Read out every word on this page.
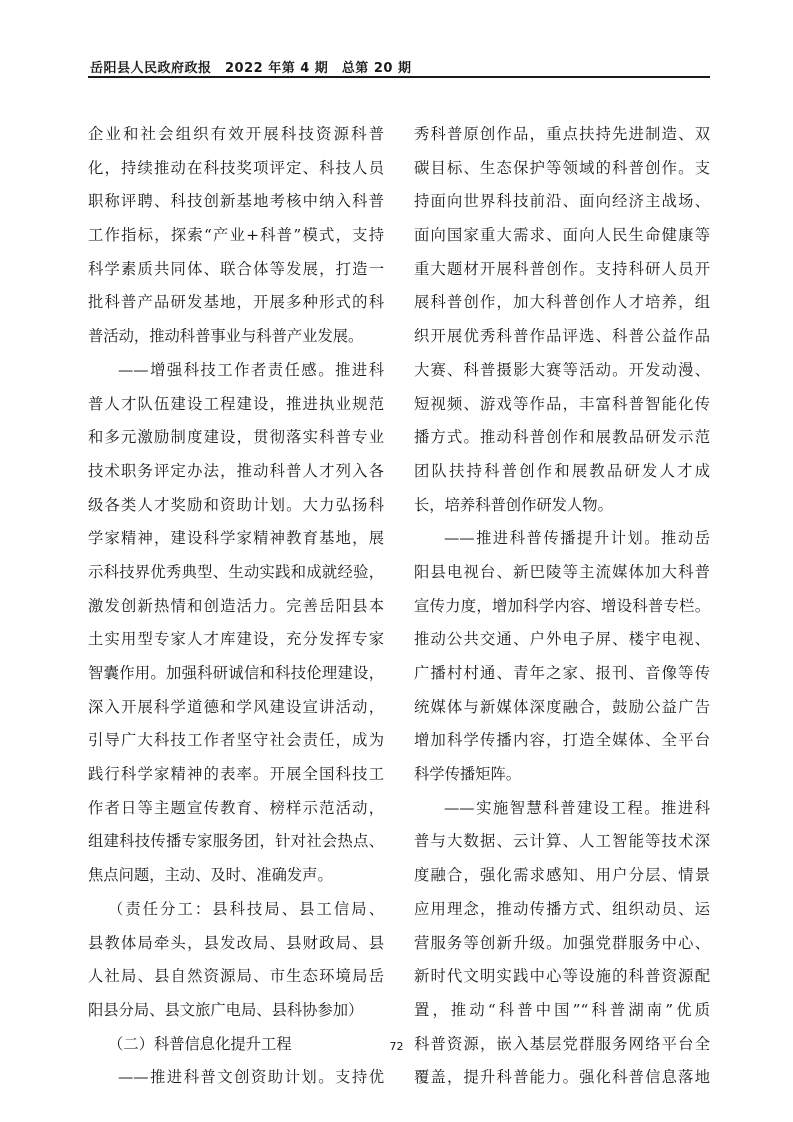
岳阳县人民政府政报　2022 年第 4 期　总第 20 期
企业和社会组织有效开展科技资源科普
化，持续推动在科技奖项评定、科技人员
职称评聘、科技创新基地考核中纳入科普
工作指标，探索“产业+科普”模式，支持
科学素质共同体、联合体等发展，打造一
批科普产品研发基地，开展多种形式的科
普活动，推动科普事业与科普产业发展。
——增强科技工作者责任感。推进科
普人才队伍建设工程建设，推进执业规范
和多元激励制度建设，贯彻落实科普专业
技术职务评定办法，推动科普人才列入各
级各类人才奖励和资助计划。大力弘扬科
学家精神，建设科学家精神教育基地，展
示科技界优秀典型、生动实践和成就经验，
激发创新热情和创造活力。完善岳阳县本
土实用型专家人才库建设，充分发挥专家
智囊作用。加强科研诚信和科技伦理建设，
深入开展科学道德和学风建设宣讲活动，
引导广大科技工作者坚守社会责任，成为
践行科学家精神的表率。开展全国科技工
作者日等主题宣传教育、榜样示范活动，
组建科技传播专家服务团，针对社会热点、
焦点问题，主动、及时、准确发声。
（责任分工：县科技局、县工信局、
县教体局牵头，县发改局、县财政局、县
人社局、县自然资源局、市生态环境局岳
阳县分局、县文旅广电局、县科协参加）
（二）科普信息化提升工程
——推进科普文创资助计划。支持优
秀科普原创作品，重点扶持先进制造、双
碳目标、生态保护等领域的科普创作。支
持面向世界科技前沿、面向经济主战场、
面向国家重大需求、面向人民生命健康等
重大题材开展科普创作。支持科研人员开
展科普创作，加大科普创作人才培养，组
织开展优秀科普作品评选、科普公益作品
大赛、科普摄影大赛等活动。开发动漫、
短视频、游戏等作品，丰富科普智能化传
播方式。推动科普创作和展教品研发示范
团队扶持科普创作和展教品研发人才成
长，培养科普创作研发人物。
——推进科普传播提升计划。推动岳
阳县电视台、新巴陵等主流媒体加大科普
宣传力度，增加科学内容、增设科普专栏。
推动公共交通、户外电子屏、楼宇电视、
广播村村通、青年之家、报刊、音像等传
统媒体与新媒体深度融合，鼓励公益广告
增加科学传播内容，打造全媒体、全平台
科学传播矩阵。
——实施智慧科普建设工程。推进科
普与大数据、云计算、人工智能等技术深
度融合，强化需求感知、用户分层、情景
应用理念，推动传播方式、组织动员、运
营服务等创新升级。加强党群服务中心、
新时代文明实践中心等设施的科普资源配
置，推动“科普中国”“科普湖南”优质
科普资源，嵌入基层党群服务网络平台全
覆盖，提升科普能力。强化科普信息落地
72
